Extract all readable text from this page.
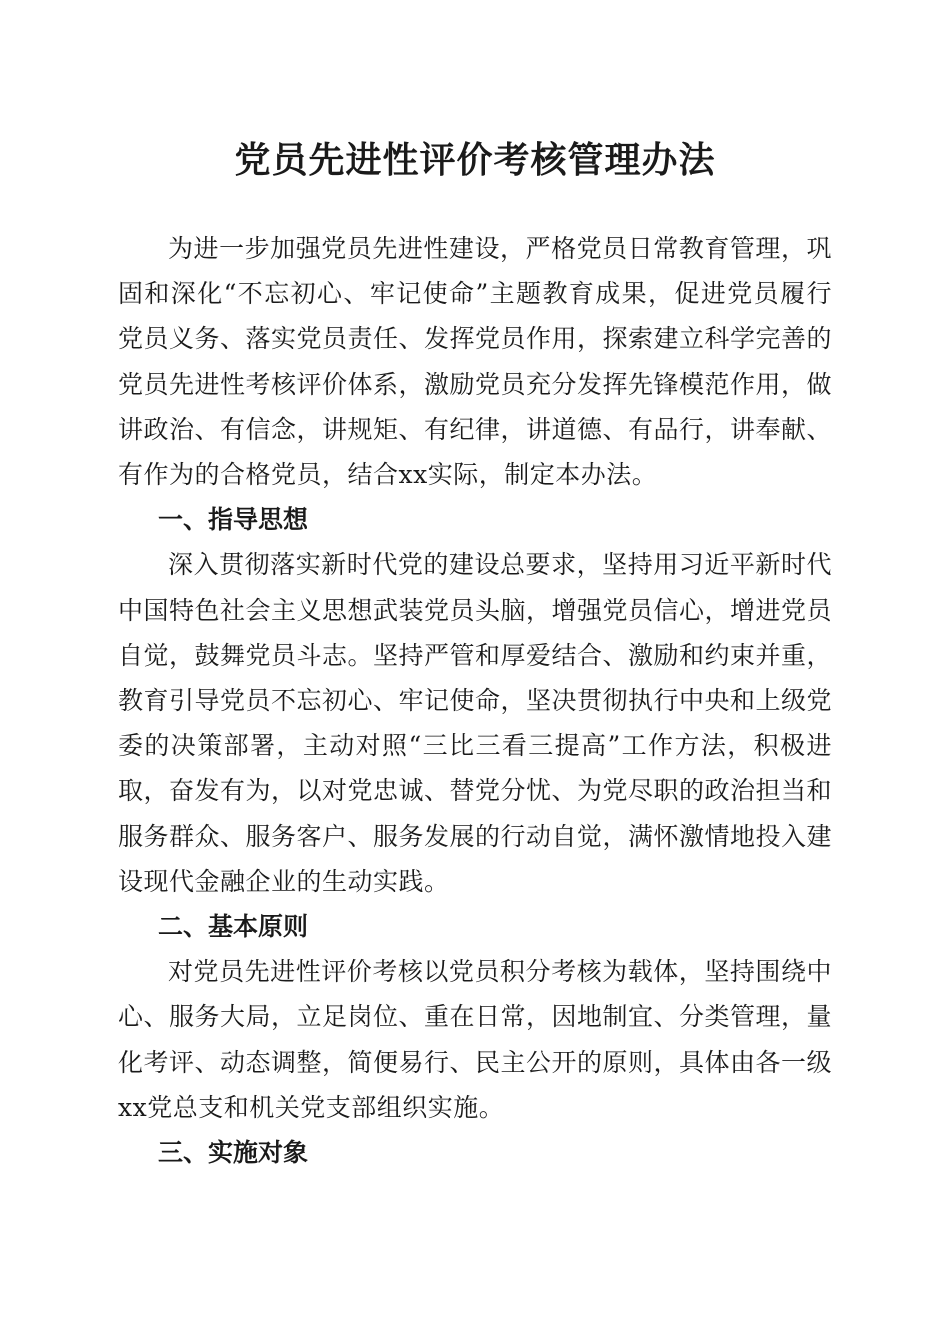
党员先进性评价考核管理办法

为进一步加强党员先进性建设，严格党员日常教育管理，巩固和深化“不忘初心、牢记使命”主题教育成果，促进党员履行党员义务、落实党员责任、发挥党员作用，探索建立科学完善的党员先进性考核评价体系，激励党员充分发挥先锋模范作用，做讲政治、有信念，讲规矩、有纪律，讲道德、有品行，讲奉献、有作为的合格党员，结合xx实际，制定本办法。

一、指导思想

深入贯彻落实新时代党的建设总要求，坚持用习近平新时代中国特色社会主义思想武装党员头脑，增强党员信心，增进党员自觉，鼓舞党员斗志。坚持严管和厚爱结合、激励和约束并重，教育引导党员不忘初心、牢记使命，坚决贯彻执行中央和上级党委的决策部署，主动对照“三比三看三提高”工作方法，积极进取，奋发有为，以对党忠诚、替党分忧、为党尽职的政治担当和服务群众、服务客户、服务发展的行动自觉，满怀激情地投入建设现代金融企业的生动实践。

二、基本原则

对党员先进性评价考核以党员积分考核为载体，坚持围绕中心、服务大局，立足岗位、重在日常，因地制宜、分类管理，量化考评、动态调整，简便易行、民主公开的原则，具体由各一级xx党总支和机关党支部组织实施。

三、实施对象
